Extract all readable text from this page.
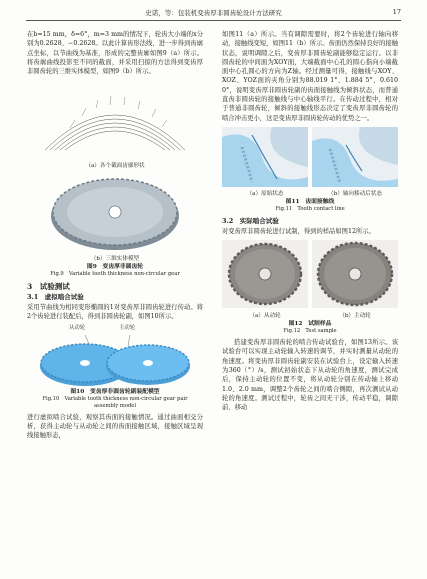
史诺，等：包装机变齿厚非圆齿轮设计方法研究	17

在b=15 mm，δ=6°，m=3 mm的情况下，轮齿大小端的x分别为0.2628、−0.2628。以此计算齿形法线，进一步得到齿廓点坐标，以节曲线为基准，形成的完整齿廓如图9（a）所示。将齿廓曲线投影至不同的截面，并采用扫掠的方法得到变齿厚非圆齿轮的三维实体模型，如图9（b）所示。

（a）各个截面齿廓形状
（b）三维实体模型
图9　变齿厚非圆齿轮
Fig.9　Variable tooth thickness non-circular gear
3　试验测试
3.1　虚拟啮合试验

采用节曲线为相同变形椭圆的1对变齿厚非圆齿轮进行传动。将2个齿轮进行装配后，得到非圆齿轮副，如图10所示。

从动轮	主动轮
图10　变齿厚非圆齿轮副装配模型
Fig.10　Variable tooth thickness non-circular gear pair
assembly model

进行虚拟啮合试验，观察其齿面的接触情况。通过曲面相交分析，获得主动轮与从动轮之间的齿面接触区域，接触区域呈现线接触形态，

如图11（a）所示。当有调隙需要时，将2个齿轮进行轴向移动，接触线变短，如图11（b）所示。齿面仍然保持良好的接触状态，说明调隙之后，变齿厚非圆齿轮副能够稳定运行。以非圆齿轮的中间面为XOY面，大端截面中心孔的圆心指向小端截面中心孔圆心的方向为Z轴。经过测量可得，接触线与XOY、XOZ、YOZ面的夹角分别为88.019 1°、1.884 5°、0.610 0°，说明变齿厚非圆齿轮副的齿面接触线为倾斜状态，而普通直齿非圆齿轮的接触线与中心轴线平行。在传动过程中，相对于普通非圆齿轮，倾斜的接触线形态决定了变齿厚非圆齿轮的啮合冲击更小，这是变齿厚非圆齿轮传动的优势之一。

（a）原始状态	（b）轴向移动后状态
图11　齿面接触线
Fig.11　Tooth contact line
3.2　实际啮合试验

对变齿厚非圆齿轮进行试制，得到的样品如图12所示。

（a）从动轮	（b）主动轮
图12　试制样品
Fig.12　Test sample

搭建变齿厚非圆齿轮的啮合传动试验台，如图13所示。该试验台可以实现主动轮输入转速的调节，并实时测量从动轮的角速度。将变齿厚非圆齿轮副安装在试验台上，设定输入转速为360（°）/s，测试初始状态下从动轮的角速度，测试完成后，保持主动轮的位置不变，将从动轮分别在传动轴上移动1.0、2.0 mm，调整2个齿轮之间的啮合侧隙，再次测试从动轮的角速度。测试过程中，轮齿之间无干涉，传动平稳，调隙前、移动
